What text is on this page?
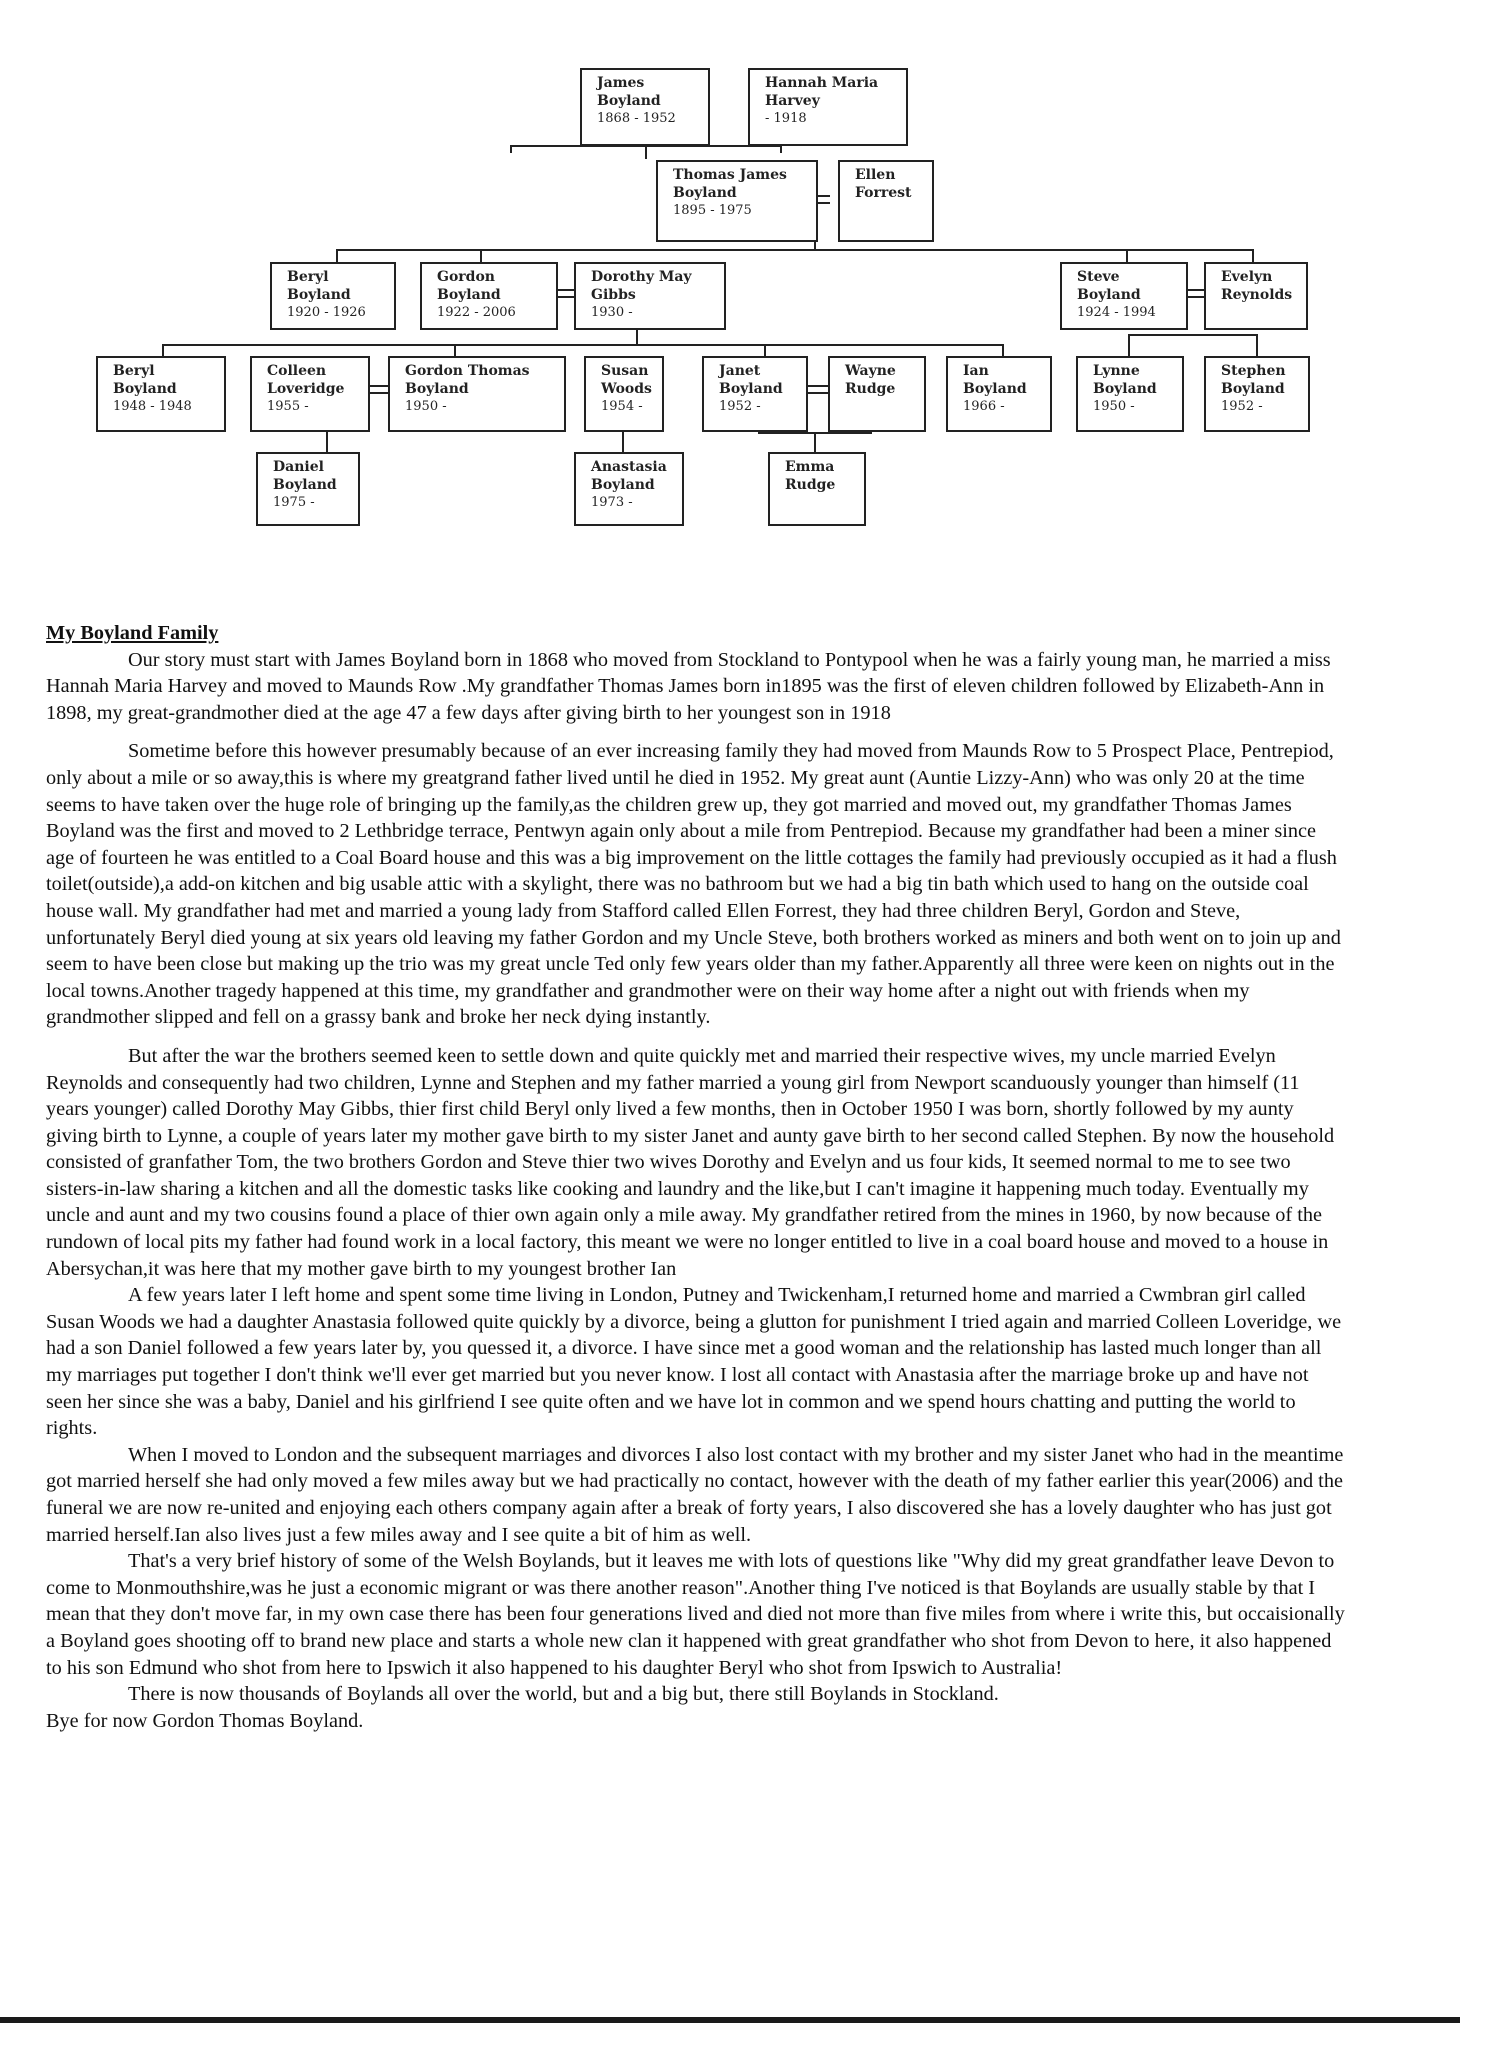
James
Boyland
1868 - 1952
Hannah Maria
Harvey
- 1918
Thomas James
Boyland
1895 - 1975
Ellen
Forrest
Beryl
Boyland
1920 - 1926
Gordon
Boyland
1922 - 2006
Dorothy May
Gibbs
1930 -
Steve
Boyland
1924 - 1994
Evelyn
Reynolds
Beryl
Boyland
1948 - 1948
Colleen
Loveridge
1955 -
Gordon Thomas
Boyland
1950 -
Susan
Woods
1954 -
Janet
Boyland
1952 -
Wayne
Rudge
Ian
Boyland
1966 -
Lynne
Boyland
1950 -
Stephen
Boyland
1952 -
Daniel
Boyland
1975 -
Anastasia
Boyland
1973 -
Emma
Rudge
My Boyland Family

Our story must start with James Boyland born in 1868 who moved from Stockland to Pontypool when he was a fairly young man, he married a miss Hannah Maria Harvey and moved to Maunds Row .My grandfather Thomas James born in1895 was the first of eleven children followed by Elizabeth-Ann in 1898, my great-grandmother died at the age 47 a few days after giving birth to her youngest son in 1918

Sometime before this however presumably because of an ever increasing family they had moved from Maunds Row to 5 Prospect Place, Pentrepiod, only about a mile or so away,this is where my greatgrand father lived until he died in 1952. My great aunt (Auntie Lizzy-Ann) who was only 20 at the time seems to have taken over the huge role of bringing up the family,as the children grew up, they got married and moved out, my grandfather Thomas James Boyland was the first and moved to 2 Lethbridge terrace, Pentwyn again only about a mile from Pentrepiod. Because my grandfather had been a miner since age of fourteen he was entitled to a Coal Board house and this was a big improvement on the little cottages the family had previously occupied as it had a flush toilet(outside),a add-on kitchen and big usable attic with a skylight, there was no bathroom but we had a big tin bath which used to hang on the outside coal house wall. My grandfather had met and married a young lady from Stafford called Ellen Forrest, they had three children Beryl, Gordon and Steve, unfortunately Beryl died young at six years old leaving my father Gordon and my Uncle Steve, both brothers worked as miners and both went on to join up and seem to have been close but making up the trio was my great uncle Ted only few years older than my father.Apparently all three were keen on nights out in the local towns.Another tragedy happened at this time, my grandfather and grandmother were on their way home after a night out with friends when my grandmother slipped and fell on a grassy bank and broke her neck dying instantly.

But after the war the brothers seemed keen to settle down and quite quickly met and married their respective wives, my uncle married Evelyn Reynolds and consequently had two children, Lynne and Stephen and my father married a young girl from Newport scanduously younger than himself (11 years younger) called Dorothy May Gibbs, thier first child Beryl only lived a few months, then in October 1950 I was born, shortly followed by my aunty giving birth to Lynne, a couple of years later my mother gave birth to my sister Janet and aunty gave birth to her second called Stephen. By now the household consisted of granfather Tom, the two brothers Gordon and Steve thier two wives Dorothy and Evelyn and us four kids, It seemed normal to me to see two sisters-in-law sharing a kitchen and all the domestic tasks like cooking and laundry and the like,but I can't imagine it happening much today. Eventually my uncle and aunt and my two cousins found a place of thier own again only a mile away. My grandfather retired from the mines in 1960, by now because of the rundown of local pits my father had found work in a local factory, this meant we were no longer entitled to live in a coal board house and moved to a house in Abersychan,it was here that my mother gave birth to my youngest brother Ian

A few years later I left home and spent some time living in London, Putney and Twickenham,I returned home and married a Cwmbran girl called Susan Woods we had a daughter Anastasia followed quite quickly by a divorce, being a glutton for punishment I tried again and married Colleen Loveridge, we had a son Daniel followed a few years later by, you quessed it, a divorce. I have since met a good woman and the relationship has lasted much longer than all my marriages put together I don't think we'll ever get married but you never know. I lost all contact with Anastasia after the marriage broke up and have not seen her since she was a baby, Daniel and his girlfriend I see quite often and we have lot in common and we spend hours chatting and putting the world to rights.

When I moved to London and the subsequent marriages and divorces I also lost contact with my brother and my sister Janet who had in the meantime got married herself she had only moved a few miles away but we had practically no contact, however with the death of my father earlier this year(2006) and the funeral we are now re-united and enjoying each others company again after a break of forty years, I also discovered she has a lovely daughter who has just got married herself.Ian also lives just a few miles away and I see quite a bit of him as well.

That's a very brief history of some of the Welsh Boylands, but it leaves me with lots of questions like "Why did my great grandfather leave Devon to come to Monmouthshire,was he just a economic migrant or was there another reason".Another thing I've noticed is that Boylands are usually stable by that I mean that they don't move far, in my own case there has been four generations lived and died not more than five miles from where i write this, but occaisionally a Boyland goes shooting off to brand new place and starts a whole new clan it happened with great grandfather who shot from Devon to here, it also happened to his son Edmund who shot from here to Ipswich it also happened to his daughter Beryl who shot from Ipswich to Australia!

There is now thousands of Boylands all over the world, but and a big but, there still Boylands in Stockland.

Bye for now Gordon Thomas Boyland.
